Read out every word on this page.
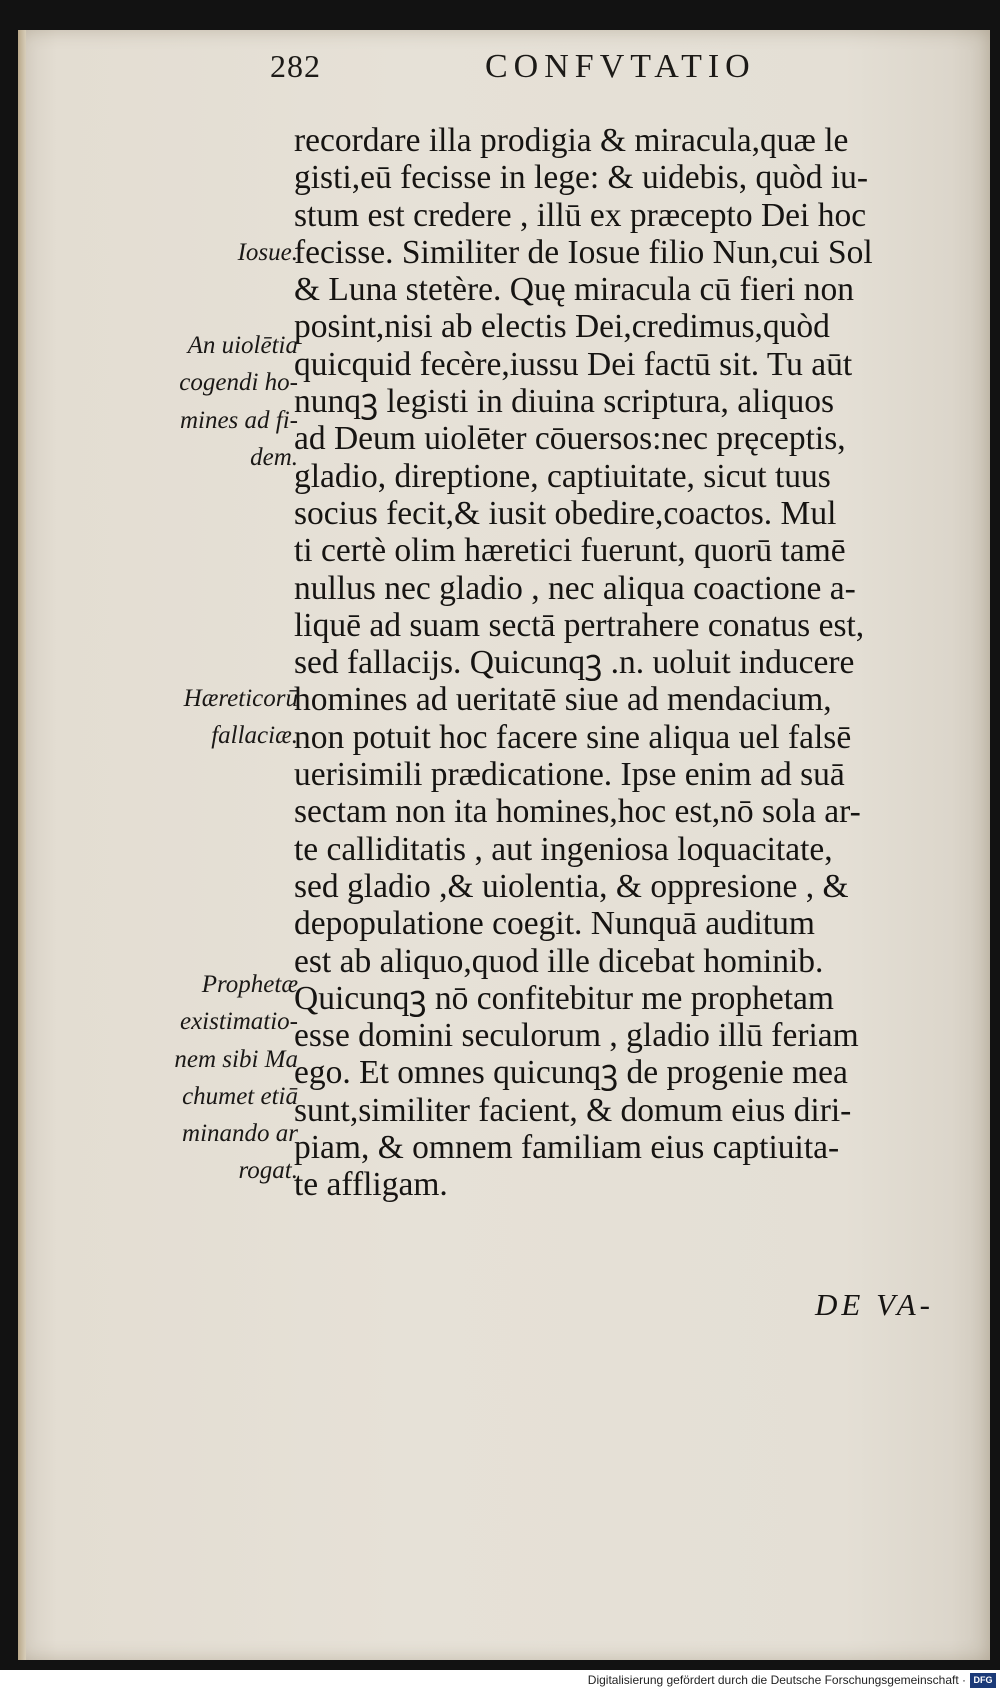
282	CONFVTATIO
recordare illa prodigia & miracula,quæ le
gisti,eū fecisse in lege: & uidebis, quòd iu-
stum est credere , illū ex præcepto Dei hoc
fecisse. Similiter de Iosue filio Nun,cui Sol
& Luna stetère. Quę miracula cū fieri non
posint,nisi ab electis Dei,credimus,quòd
quicquid fecère,iussu Dei factū sit. Tu aūt
nunqꝫ legisti in diuina scriptura, aliquos
ad Deum uiolēter cōuersos:nec pręceptis,
gladio, direptione, captiuitate, sicut tuus
socius fecit,& iusit obedire,coactos. Mul
ti certè olim hæretici fuerunt, quorū tamē
nullus nec gladio , nec aliqua coactione a-
liquē ad suam sectā pertrahere conatus est,
sed fallacijs. Quicunqꝫ .n. uoluit inducere
homines ad ueritatē siue ad mendacium,
non potuit hoc facere sine aliqua uel falsē
uerisimili prædicatione. Ipse enim ad suā
sectam non ita homines,hoc est,nō sola ar-
te calliditatis , aut ingeniosa loquacitate,
sed gladio ,& uiolentia, & oppresione , &
depopulatione coegit. Nunquā auditum
est ab aliquo,quod ille dicebat hominib.
Quicunqꝫ nō confitebitur me prophetam
esse domini seculorum , gladio illū feriam
ego. Et omnes quicunqꝫ de progenie mea
sunt,similiter facient, & domum eius diri-
piam, & omnem familiam eius captiuita-
te affligam.
Iosue.
An uiolētia
cogendi ho-
mines ad fi-
dem.
Hæreticorū
fallaciæ.
Prophetæ
existimatio-
nem sibi Ma
chumet etiā
minando ar
rogat.
DE VA-
Digitalisierung gefördert durch die Deutsche Forschungsgemeinschaft · DFG
